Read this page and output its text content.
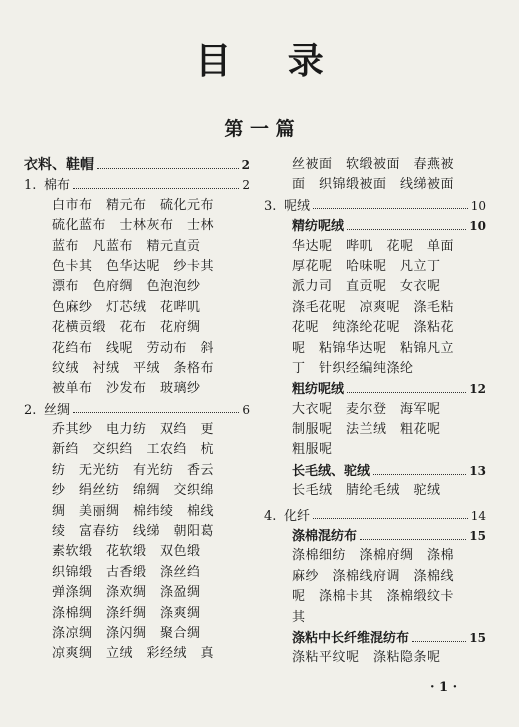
目 录
第 一 篇
衣料、鞋帽	2
1. 棉布	2
白市布　精元布　硫化元布
硫化蓝布　士林灰布　士林
蓝布　凡蓝布　精元直贡
色卡其　色华达呢　纱卡其
漂布　色府绸　色泡泡纱
色麻纱　灯芯绒　花哔叽
花横贡缎　花布　花府绸
花绉布　线呢　劳动布　斜
纹绒　衬绒　平绒　条格布
被单布　沙发布　玻璃纱
2. 丝绸	6
乔其纱　电力纺　双绉　更
新绉　交织绉　工农绉　杭
纺　无光纺　有光纺　香云
纱　绢丝纺　绵绸　交织绵
绸　美丽绸　棉纬绫　棉线
绫　富春纺　线绨　朝阳葛
素软缎　花软缎　双色缎
织锦缎　古香缎　涤丝绉
弹涤绸　涤欢绸　涤盈绸
涤棉绸　涤纤绸　涤爽绸
涤凉绸　涤闪绸　聚合绸
凉爽绸　立绒　彩经绒　真
丝被面　软缎被面　春燕被
面　织锦缎被面　线绨被面
3. 呢绒	10
精纺呢绒	10
华达呢　哔叽　花呢　单面
厚花呢　哈味呢　凡立丁
派力司　直贡呢　女衣呢
涤毛花呢　凉爽呢　涤毛粘
花呢　纯涤纶花呢　涤粘花
呢　粘锦华达呢　粘锦凡立
丁　针织经编纯涤纶
粗纺呢绒	12
大衣呢　麦尔登　海军呢
制服呢　法兰绒　粗花呢
粗服呢
长毛绒、驼绒	13
长毛绒　腈纶毛绒　驼绒
4. 化纤	14
涤棉混纺布	15
涤棉细纺　涤棉府绸　涤棉
麻纱　涤棉线府调　涤棉线
呢　涤棉卡其　涤棉缎纹卡
其
涤粘中长纤维混纺布	15
涤粘平纹呢　涤粘隐条呢
· 1 ·
